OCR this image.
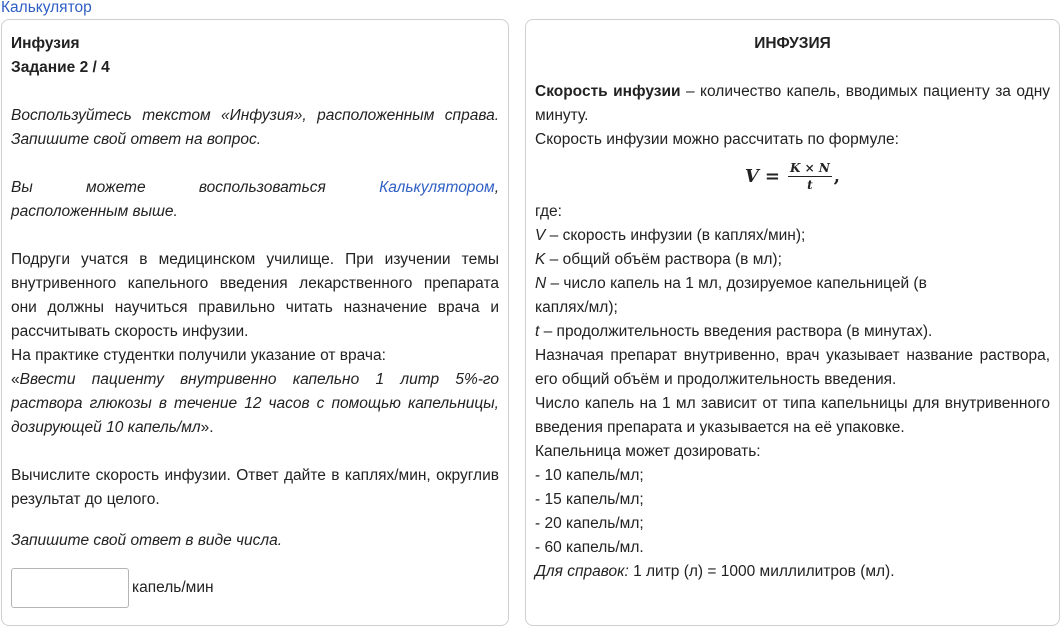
Калькулятор

Инфузия

Задание 2 / 4

Воспользуйтесь текстом «Инфузия», расположенным справа. Запишите свой ответ на вопрос.

Вы можете воспользоваться	Калькулятором,

расположенным выше.

Подруги учатся в медицинском училище. При изучении темы внутривенного капельного введения лекарственного препарата они должны научиться правильно читать назначение врача и рассчитывать скорость инфузии.

На практике студентки получили указание от врача:

«Ввести пациенту внутривенно капельно 1 литр 5%-го раствора глюкозы в течение 12 часов с помощью капельницы, дозирующей 10 капель/мл».

Вычислите скорость инфузии. Ответ дайте в каплях/мин, округлив результат до целого.

Запишите свой ответ в виде числа.

капель/мин

ИНФУЗИЯ

Скорость инфузии – количество капель, вводимых пациенту за одну минуту.

Скорость инфузии можно рассчитать по формуле:

$V = \frac{K \times N}{t}$ ,

где:

V – скорость инфузии (в каплях/мин);

K – общий объём раствора (в мл);

N – число капель на 1 мл, дозируемое капельницей (в каплях/мл);

t – продолжительность введения раствора (в минутах).

Назначая препарат внутривенно, врач указывает название раствора, его общий объём и продолжительность введения.

Число капель на 1 мл зависит от типа капельницы для внутривенного введения препарата и указывается на её упаковке.

Капельница может дозировать:

- 10 капель/мл;

- 15 капель/мл;

- 20 капель/мл;

- 60 капель/мл.

Для справок: 1 литр (л) = 1000 миллилитров (мл).
